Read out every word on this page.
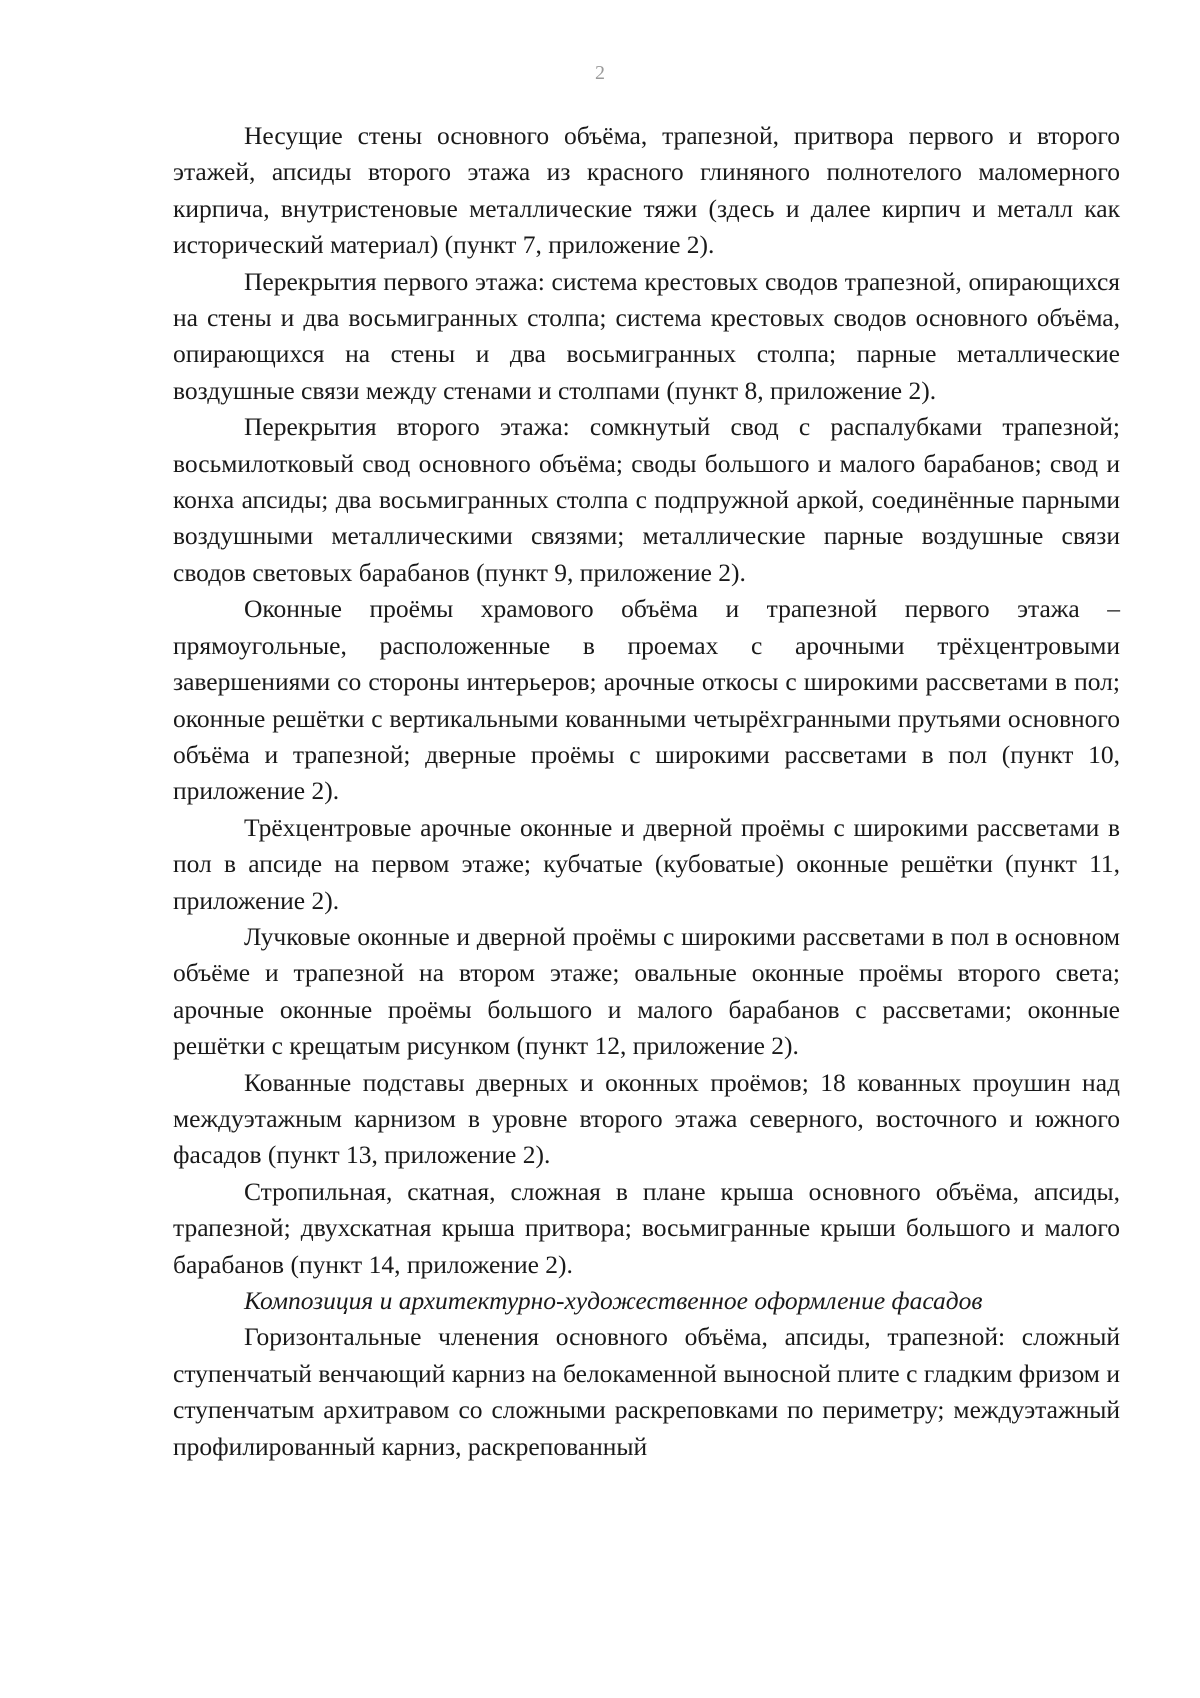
2

Несущие стены основного объёма, трапезной, притвора первого и второго этажей, апсиды второго этажа из красного глиняного полнотелого маломерного кирпича, внутристеновые металлические тяжи (здесь и далее кирпич и металл как исторический материал) (пункт 7, приложение 2).

Перекрытия первого этажа: система крестовых сводов трапезной, опирающихся на стены и два восьмигранных столпа; система крестовых сводов основного объёма, опирающихся на стены и два восьмигранных столпа; парные металлические воздушные связи между стенами и столпами (пункт 8, приложение 2).

Перекрытия второго этажа: сомкнутый свод с распалубками трапезной; восьмилотковый свод основного объёма; своды большого и малого барабанов; свод и конха апсиды; два восьмигранных столпа с подпружной аркой, соединённые парными воздушными металлическими связями; металлические парные воздушные связи сводов световых барабанов (пункт 9, приложение 2).

Оконные проёмы храмового объёма и трапезной первого этажа – прямоугольные, расположенные в проемах с арочными трёхцентровыми завершениями со стороны интерьеров; арочные откосы с широкими рассветами в пол; оконные решётки с вертикальными кованными четырёхгранными прутьями основного объёма и трапезной; дверные проёмы с широкими рассветами в пол (пункт 10, приложение 2).

Трёхцентровые арочные оконные и дверной проёмы с широкими рассветами в пол в апсиде на первом этаже; кубчатые (кубоватые) оконные решётки (пункт 11, приложение 2).

Лучковые оконные и дверной проёмы с широкими рассветами в пол в основном объёме и трапезной на втором этаже; овальные оконные проёмы второго света; арочные оконные проёмы большого и малого барабанов с рассветами; оконные решётки с крещатым рисунком (пункт 12, приложение 2).

Кованные подставы дверных и оконных проёмов; 18 кованных проушин над междуэтажным карнизом в уровне второго этажа северного, восточного и южного фасадов (пункт 13, приложение 2).

Стропильная, скатная, сложная в плане крыша основного объёма, апсиды, трапезной; двухскатная крыша притвора; восьмигранные крыши большого и малого барабанов (пункт 14, приложение 2).

Композиция и архитектурно-художественное оформление фасадов

Горизонтальные членения основного объёма, апсиды, трапезной: сложный ступенчатый венчающий карниз на белокаменной выносной плите с гладким фризом и ступенчатым архитравом со сложными раскреповками по периметру; междуэтажный профилированный карниз, раскрепованный
